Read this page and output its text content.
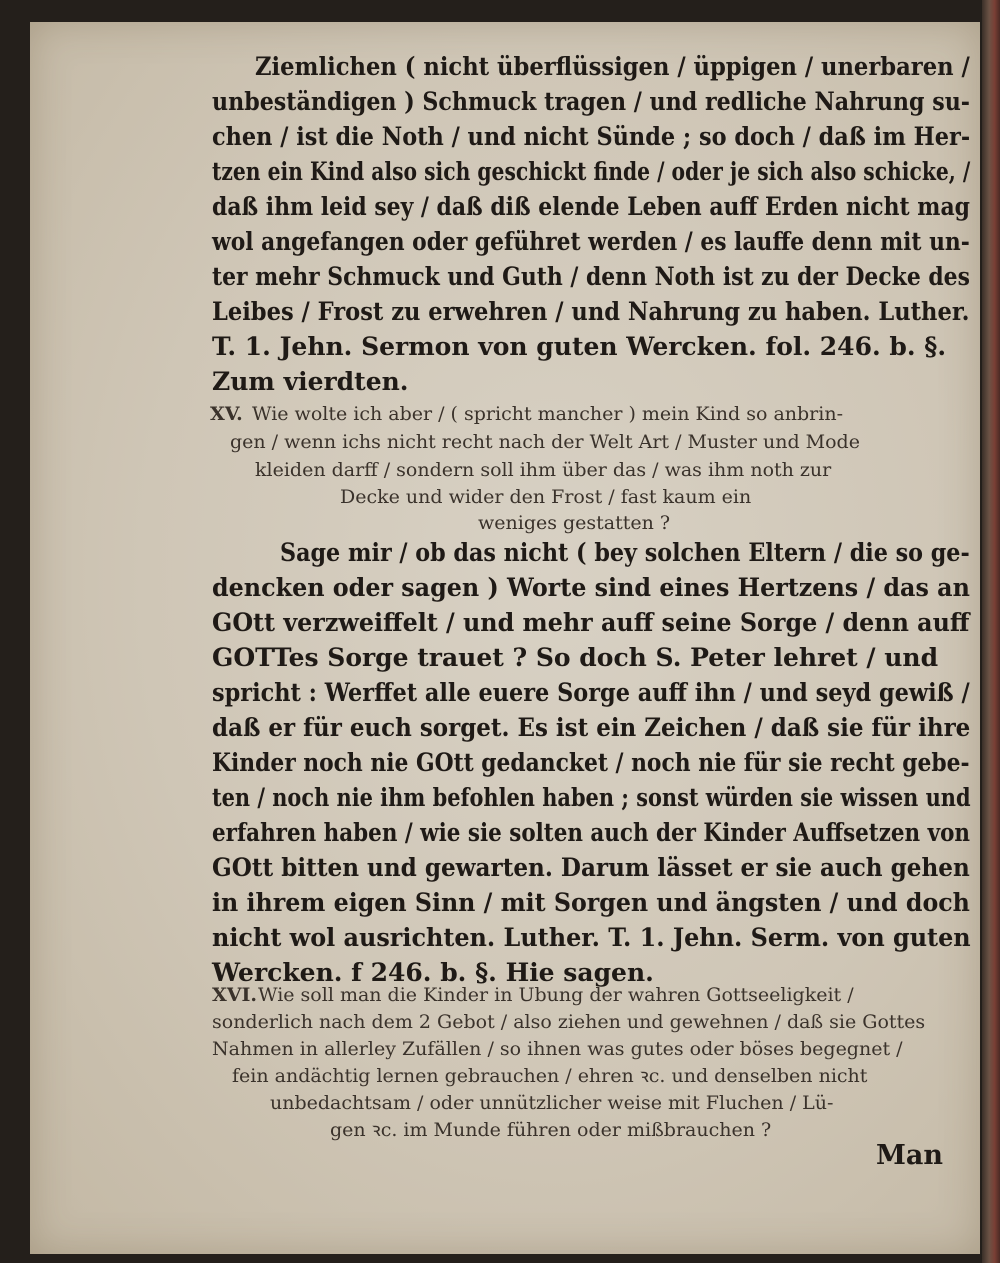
Ziemlichen ( nicht überflüssigen / üppigen / unerbaren /

unbeständigen ) Schmuck tragen / und redliche Nahrung su-

chen / ist die Noth / und nicht Sünde ; so doch / daß im Her-

tzen ein Kind also sich geschickt finde / oder je sich also schicke, /

daß ihm leid sey / daß diß elende Leben auff Erden nicht mag

wol angefangen oder geführet werden / es lauffe denn mit un-

ter mehr Schmuck und Guth / denn Noth ist zu der Decke des

Leibes / Frost zu erwehren / und Nahrung zu haben. Luther.

T. 1. Jehn. Sermon von guten Wercken. fol. 246. b. §.

Zum vierdten.

XV. Wie wolte ich aber / ( spricht mancher ) mein Kind so anbrin-

gen / wenn ichs nicht recht nach der Welt Art / Muster und Mode

kleiden darff / sondern soll ihm über das / was ihm noth zur

Decke und wider den Frost / fast kaum ein

weniges gestatten ?

Sage mir / ob das nicht ( bey solchen Eltern / die so ge-

dencken oder sagen ) Worte sind eines Hertzens / das an

GOtt verzweiffelt / und mehr auff seine Sorge / denn auff

GOTTes Sorge trauet ? So doch S. Peter lehret / und

spricht : Werffet alle euere Sorge auff ihn / und seyd gewiß /

daß er für euch sorget. Es ist ein Zeichen / daß sie für ihre

Kinder noch nie GOtt gedancket / noch nie für sie recht gebe-

ten / noch nie ihm befohlen haben ; sonst würden sie wissen und

erfahren haben / wie sie solten auch der Kinder Auffsetzen von

GOtt bitten und gewarten. Darum lässet er sie auch gehen

in ihrem eigen Sinn / mit Sorgen und ängsten / und doch

nicht wol ausrichten. Luther. T. 1. Jehn. Serm. von guten

Wercken. f 246. b. §. Hie sagen.

XVI. Wie soll man die Kinder in Ubung der wahren Gottseeligkeit /

sonderlich nach dem 2 Gebot / also ziehen und gewehnen / daß sie Gottes

Nahmen in allerley Zufällen / so ihnen was gutes oder böses begegnet /

fein andächtig lernen gebrauchen / ehren ꝛc. und denselben nicht

unbedachtsam / oder unnützlicher weise mit Fluchen / Lü-

gen ꝛc. im Munde führen oder mißbrauchen ?

Man
